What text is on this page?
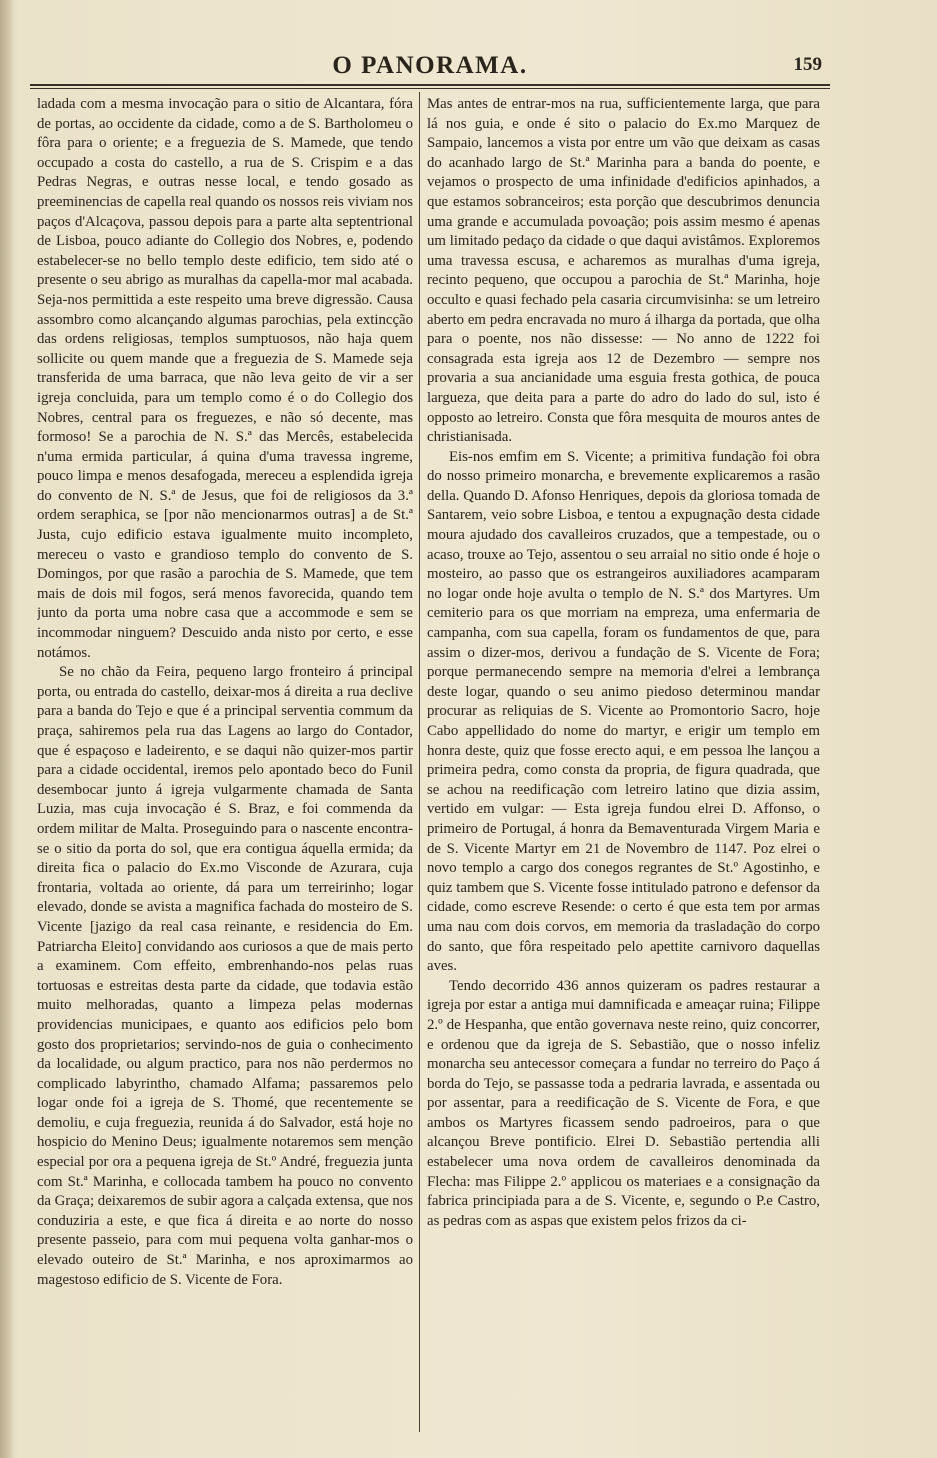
O PANORAMA.	159

ladada com a mesma invocação para o sitio de Alcantara, fóra de portas, ao occidente da cidade, como a de S. Bartholomeu o fôra para o oriente; e a freguezia de S. Mamede, que tendo occupado a costa do castello, a rua de S. Crispim e a das Pedras Negras, e outras nesse local, e tendo gosado as preeminencias de capella real quando os nossos reis viviam nos paços d'Alcaçova, passou depois para a parte alta septentrional de Lisboa, pouco adiante do Collegio dos Nobres, e, podendo estabelecer-se no bello templo deste edificio, tem sido até o presente o seu abrigo as muralhas da capella-mor mal acabada. Seja-nos permittida a este respeito uma breve digressão. Causa assombro como alcançando algumas parochias, pela extincção das ordens religiosas, templos sumptuosos, não haja quem sollicite ou quem mande que a freguezia de S. Mamede seja transferida de uma barraca, que não leva geito de vir a ser igreja concluida, para um templo como é o do Collegio dos Nobres, central para os freguezes, e não só decente, mas formoso! Se a parochia de N. S.ª das Mercês, estabelecida n'uma ermida particular, á quina d'uma travessa ingreme, pouco limpa e menos desafogada, mereceu a esplendida igreja do convento de N. S.ª de Jesus, que foi de religiosos da 3.ª ordem seraphica, se [por não mencionarmos outras] a de St.ª Justa, cujo edificio estava igualmente muito incompleto, mereceu o vasto e grandioso templo do convento de S. Domingos, por que rasão a parochia de S. Mamede, que tem mais de dois mil fogos, será menos favorecida, quando tem junto da porta uma nobre casa que a accommode e sem se incommodar ninguem? Descuido anda nisto por certo, e esse notámos.

Se no chão da Feira, pequeno largo fronteiro á principal porta, ou entrada do castello, deixar-mos á direita a rua declive para a banda do Tejo e que é a principal serventia commum da praça, sahiremos pela rua das Lagens ao largo do Contador, que é espaçoso e ladeirento, e se daqui não quizer-mos partir para a cidade occidental, iremos pelo apontado beco do Funil desembocar junto á igreja vulgarmente chamada de Santa Luzia, mas cuja invocação é S. Braz, e foi commenda da ordem militar de Malta. Proseguindo para o nascente encontra-se o sitio da porta do sol, que era contigua áquella ermida; da direita fica o palacio do Ex.mo Visconde de Azurara, cuja frontaria, voltada ao oriente, dá para um terreirinho; logar elevado, donde se avista a magnifica fachada do mosteiro de S. Vicente [jazigo da real casa reinante, e residencia do Em. Patriarcha Eleito] convidando aos curiosos a que de mais perto a examinem. Com effeito, embrenhando-nos pelas ruas tortuosas e estreitas desta parte da cidade, que todavia estão muito melhoradas, quanto a limpeza pelas modernas providencias municipaes, e quanto aos edificios pelo bom gosto dos proprietarios; servindo-nos de guia o conhecimento da localidade, ou algum practico, para nos não perdermos no complicado labyrintho, chamado Alfama; passaremos pelo logar onde foi a igreja de S. Thomé, que recentemente se demoliu, e cuja freguezia, reunida á do Salvador, está hoje no hospicio do Menino Deus; igualmente notaremos sem menção especial por ora a pequena igreja de St.º André, freguezia junta com St.ª Marinha, e collocada tambem ha pouco no convento da Graça; deixaremos de subir agora a calçada extensa, que nos conduziria a este, e que fica á direita e ao norte do nosso presente passeio, para com mui pequena volta ganhar-mos o elevado outeiro de St.ª Marinha, e nos aproximarmos ao magestoso edificio de S. Vicente de Fora.

Mas antes de entrar-mos na rua, sufficientemente larga, que para lá nos guia, e onde é sito o palacio do Ex.mo Marquez de Sampaio, lancemos a vista por entre um vão que deixam as casas do acanhado largo de St.ª Marinha para a banda do poente, e vejamos o prospecto de uma infinidade d'edificios apinhados, a que estamos sobranceiros; esta porção que descubrimos denuncia uma grande e accumulada povoação; pois assim mesmo é apenas um limitado pedaço da cidade o que daqui avistâmos. Exploremos uma travessa escusa, e acharemos as muralhas d'uma igreja, recinto pequeno, que occupou a parochia de St.ª Marinha, hoje occulto e quasi fechado pela casaria circumvisinha: se um letreiro aberto em pedra encravada no muro á ilharga da portada, que olha para o poente, nos não dissesse: — No anno de 1222 foi consagrada esta igreja aos 12 de Dezembro — sempre nos provaria a sua ancianidade uma esguia fresta gothica, de pouca largueza, que deita para a parte do adro do lado do sul, isto é opposto ao letreiro. Consta que fôra mesquita de mouros antes de christianisada.

Eis-nos emfim em S. Vicente; a primitiva fundação foi obra do nosso primeiro monarcha, e brevemente explicaremos a rasão della. Quando D. Afonso Henriques, depois da gloriosa tomada de Santarem, veio sobre Lisboa, e tentou a expugnação desta cidade moura ajudado dos cavalleiros cruzados, que a tempestade, ou o acaso, trouxe ao Tejo, assentou o seu arraial no sitio onde é hoje o mosteiro, ao passo que os estrangeiros auxiliadores acamparam no logar onde hoje avulta o templo de N. S.ª dos Martyres. Um cemiterio para os que morriam na empreza, uma enfermaria de campanha, com sua capella, foram os fundamentos de que, para assim o dizer-mos, derivou a fundação de S. Vicente de Fora; porque permanecendo sempre na memoria d'elrei a lembrança deste logar, quando o seu animo piedoso determinou mandar procurar as reliquias de S. Vicente ao Promontorio Sacro, hoje Cabo appellidado do nome do martyr, e erigir um templo em honra deste, quiz que fosse erecto aqui, e em pessoa lhe lançou a primeira pedra, como consta da propria, de figura quadrada, que se achou na reedificação com letreiro latino que dizia assim, vertido em vulgar: — Esta igreja fundou elrei D. Affonso, o primeiro de Portugal, á honra da Bemaventurada Virgem Maria e de S. Vicente Martyr em 21 de Novembro de 1147. Poz elrei o novo templo a cargo dos conegos regrantes de St.º Agostinho, e quiz tambem que S. Vicente fosse intitulado patrono e defensor da cidade, como escreve Resende: o certo é que esta tem por armas uma nau com dois corvos, em memoria da trasladação do corpo do santo, que fôra respeitado pelo apettite carnivoro daquellas aves.

Tendo decorrido 436 annos quizeram os padres restaurar a igreja por estar a antiga mui damnificada e ameaçar ruina; Filippe 2.º de Hespanha, que então governava neste reino, quiz concorrer, e ordenou que da igreja de S. Sebastião, que o nosso infeliz monarcha seu antecessor começara a fundar no terreiro do Paço á borda do Tejo, se passasse toda a pedraria lavrada, e assentada ou por assentar, para a reedificação de S. Vicente de Fora, e que ambos os Martyres ficassem sendo padroeiros, para o que alcançou Breve pontificio. Elrei D. Sebastião pertendia alli estabelecer uma nova ordem de cavalleiros denominada da Flecha: mas Filippe 2.º applicou os materiaes e a consignação da fabrica principiada para a de S. Vicente, e, segundo o P.e Castro, as pedras com as aspas que existem pelos frizos da ci-
